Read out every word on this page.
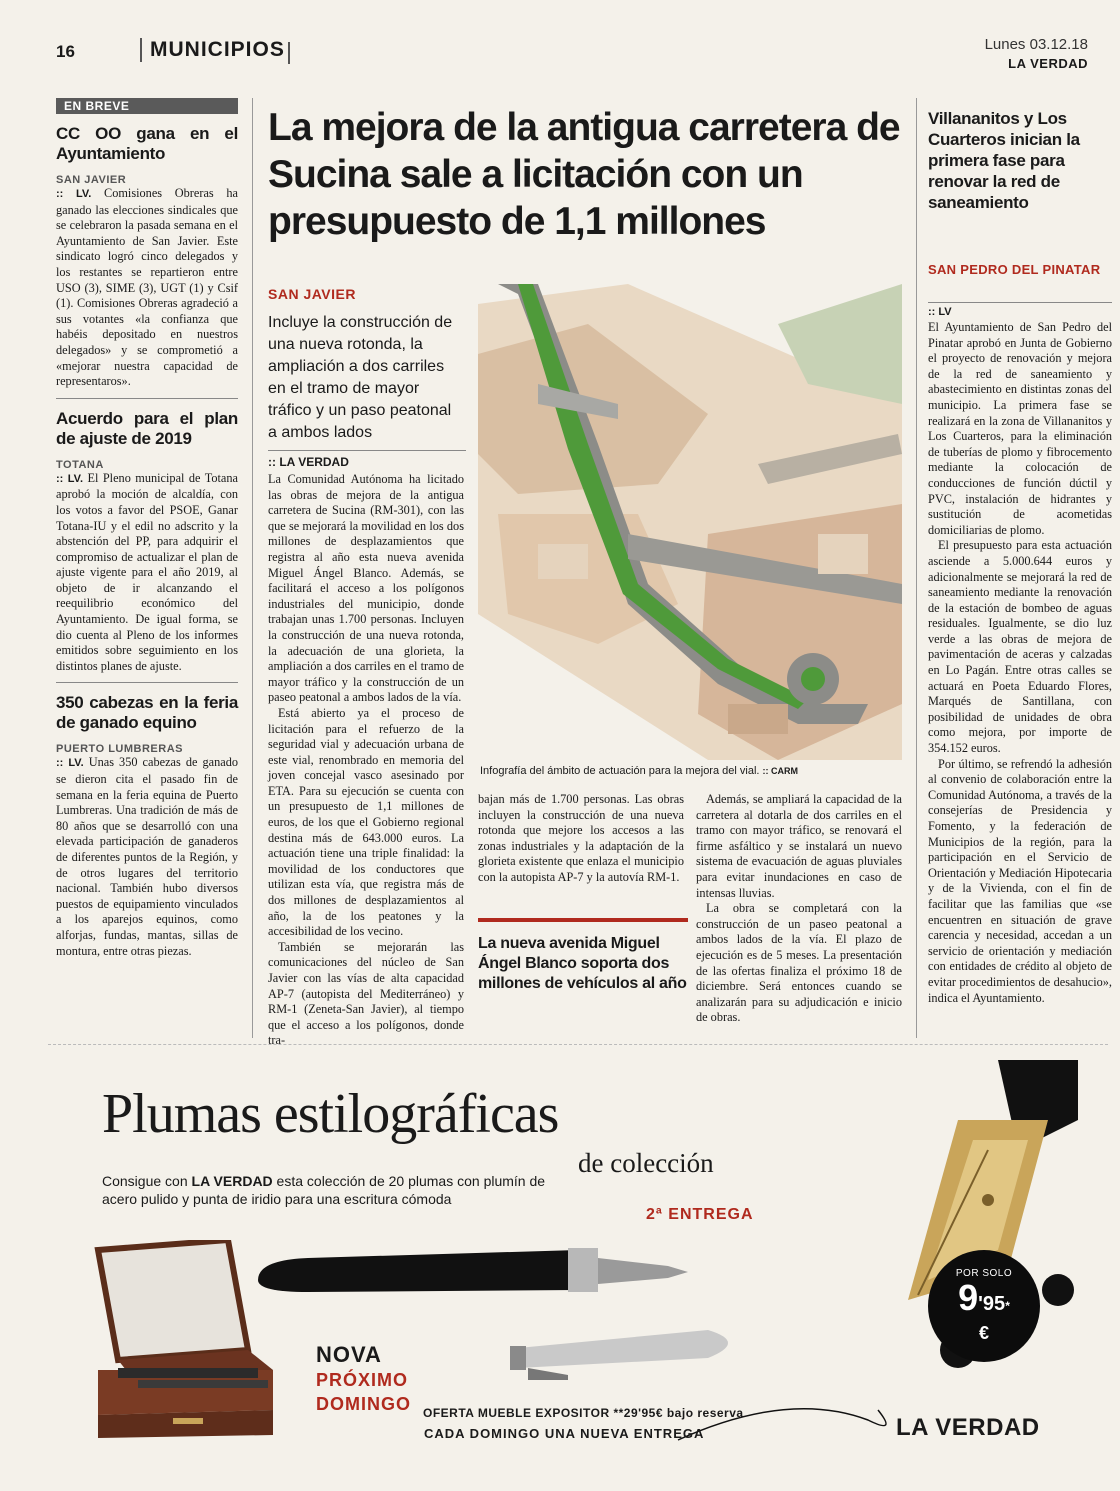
16	MUNICIPIOS	Lunes 03.12.18
LA VERDAD
EN BREVE
CC OO gana en el Ayuntamiento
SAN JAVIER

:: LV. Comisiones Obreras ha ganado las elecciones sindicales que se celebraron la pasada semana en el Ayuntamiento de San Javier. Este sindicato logró cinco delegados y los restantes se repartieron entre USO (3), SIME (3), UGT (1) y Csif (1). Comisiones Obreras agradeció a sus votantes «la confianza que habéis depositado en nuestros delegados» y se comprometió a «mejorar nuestra capacidad de representaros».

Acuerdo para el plan de ajuste de 2019
TOTANA

:: LV. El Pleno municipal de Totana aprobó la moción de alcaldía, con los votos a favor del PSOE, Ganar Totana-IU y el edil no adscrito y la abstención del PP, para adquirir el compromiso de actualizar el plan de ajuste vigente para el año 2019, al objeto de ir alcanzando el reequilibrio económico del Ayuntamiento. De igual forma, se dio cuenta al Pleno de los informes emitidos sobre seguimiento en los distintos planes de ajuste.

350 cabezas en la feria de ganado equino
PUERTO LUMBRERAS

:: LV. Unas 350 cabezas de ganado se dieron cita el pasado fin de semana en la feria equina de Puerto Lumbreras. Una tradición de más de 80 años que se desarrolló con una elevada participación de ganaderos de diferentes puntos de la Región, y de otros lugares del territorio nacional. También hubo diversos puestos de equipamiento vinculados a los aparejos equinos, como alforjas, fundas, mantas, sillas de montura, entre otras piezas.

La mejora de la antigua carretera de Sucina sale a licitación con un presupuesto de 1,1 millones
SAN JAVIER
Incluye la construcción de una nueva rotonda, la ampliación a dos carriles en el tramo de mayor tráfico y un paso peatonal a ambos lados
:: LA VERDAD

La Comunidad Autónoma ha licitado las obras de mejora de la antigua carretera de Sucina (RM-301), con las que se mejorará la movilidad en los dos millones de desplazamientos que registra al año esta nueva avenida Miguel Ángel Blanco. Además, se facilitará el acceso a los polígonos industriales del municipio, donde trabajan unas 1.700 personas. Incluyen la construcción de una nueva rotonda, la adecuación de una glorieta, la ampliación a dos carriles en el tramo de mayor tráfico y la construcción de un paseo peatonal a ambos lados de la vía.

Está abierto ya el proceso de licitación para el refuerzo de la seguridad vial y adecuación urbana de este vial, renombrado en memoria del joven concejal vasco asesinado por ETA. Para su ejecución se cuenta con un presupuesto de 1,1 millones de euros, de los que el Gobierno regional destina más de 643.000 euros. La actuación tiene una triple finalidad: la movilidad de los conductores que utilizan esta vía, que registra más de dos millones de desplazamientos al año, la de los peatones y la accesibilidad de los vecino.

También se mejorarán las comunicaciones del núcleo de San Javier con las vías de alta capacidad AP-7 (autopista del Mediterráneo) y RM-1 (Zeneta-San Javier), al tiempo que el acceso a los polígonos, donde tra-

Infografía del ámbito de actuación para la mejora del vial. :: CARM

bajan más de 1.700 personas. Las obras incluyen la construcción de una nueva rotonda que mejore los accesos a las zonas industriales y la adaptación de la glorieta existente que enlaza el municipio con la autopista AP-7 y la autovía RM-1.

La nueva avenida Miguel Ángel Blanco soporta dos millones de vehículos al año

Además, se ampliará la capacidad de la carretera al dotarla de dos carriles en el tramo con mayor tráfico, se renovará el firme asfáltico y se instalará un nuevo sistema de evacuación de aguas pluviales para evitar inundaciones en caso de intensas lluvias.

La obra se completará con la construcción de un paseo peatonal a ambos lados de la vía. El plazo de ejecución es de 5 meses. La presentación de las ofertas finaliza el próximo 18 de diciembre. Será entonces cuando se analizarán para su adjudicación e inicio de obras.

Villananitos y Los Cuarteros inician la primera fase para renovar la red de saneamiento
SAN PEDRO DEL PINATAR
:: LV

El Ayuntamiento de San Pedro del Pinatar aprobó en Junta de Gobierno el proyecto de renovación y mejora de la red de saneamiento y abastecimiento en distintas zonas del municipio. La primera fase se realizará en la zona de Villananitos y Los Cuarteros, para la eliminación de tuberías de plomo y fibrocemento mediante la colocación de conducciones de función dúctil y PVC, instalación de hidrantes y sustitución de acometidas domiciliarias de plomo.

El presupuesto para esta actuación asciende a 5.000.644 euros y adicionalmente se mejorará la red de saneamiento mediante la renovación de la estación de bombeo de aguas residuales. Igualmente, se dio luz verde a las obras de mejora de pavimentación de aceras y calzadas en Lo Pagán. Entre otras calles se actuará en Poeta Eduardo Flores, Marqués de Santillana, con posibilidad de unidades de obra como mejora, por importe de 354.152 euros.

Por último, se refrendó la adhesión al convenio de colaboración entre la Comunidad Autónoma, a través de la consejerías de Presidencia y Fomento, y la federación de Municipios de la región, para la participación en el Servicio de Orientación y Mediación Hipotecaria y de la Vivienda, con el fin de facilitar que las familias que «se encuentren en situación de grave carencia y necesidad, accedan a un servicio de orientación y mediación con entidades de crédito al objeto de evitar procedimientos de desahucio», indica el Ayuntamiento.

Plumas estilográficas
de colección
Consigue con LA VERDAD esta colección de 20 plumas con plumín de acero pulido y punta de iridio para una escritura cómoda
2ª ENTREGA
NOVA
PRÓXIMO
DOMINGO
POR SOLO
9'95*
€
OFERTA MUEBLE EXPOSITOR **29'95€ bajo reserva
CADA DOMINGO UNA NUEVA ENTREGA	LA VERDAD
